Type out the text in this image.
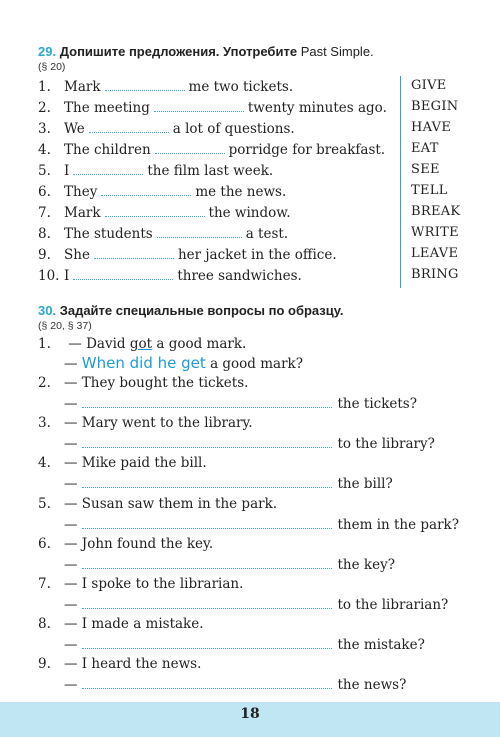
29. Допишите предложения. Употребите Past Simple.
(§ 20)
1. Mark	me two tickets.
2. The meeting	twenty minutes ago.
3. We	a lot of questions.
4. The children	porridge for breakfast.
5. I	the film last week.
6. They	me the news.
7. Mark	the window.
8. The students	a test.
9. She	her jacket in the office.
10. I	three sandwiches.
GIVE
BEGIN
HAVE
EAT
SEE
TELL
BREAK
WRITE
LEAVE
BRING
30. Задайте специальные вопросы по образцу.
(§ 20, § 37)
1. — David got a good mark.
— When did he get a good mark?
2. — They bought the tickets.
—	the tickets?
3. — Mary went to the library.
—	to the library?
4. — Mike paid the bill.
—	the bill?
5. — Susan saw them in the park.
—	them in the park?
6. — John found the key.
—	the key?
7. — I spoke to the librarian.
—	to the librarian?
8. — I made a mistake.
—	the mistake?
9. — I heard the news.
—	the news?
18
